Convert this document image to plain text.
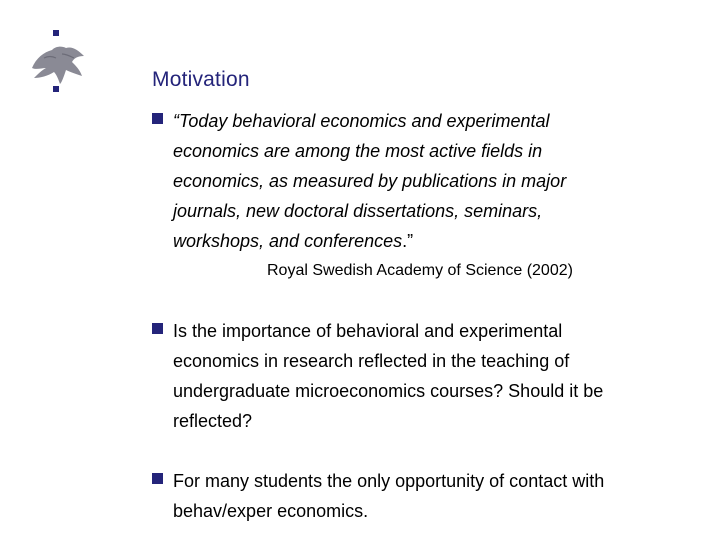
Motivation
“Today behavioral economics and experimental
economics are among the most active fields in
economics, as measured by publications in major
journals, new doctoral dissertations, seminars,
workshops, and conferences.”
Royal Swedish Academy of Science (2002)
Is the importance of behavioral and experimental
economics in research reflected in the teaching of
undergraduate microeconomics courses? Should it be
reflected?
For many students the only opportunity of contact with
behav/exper economics.
